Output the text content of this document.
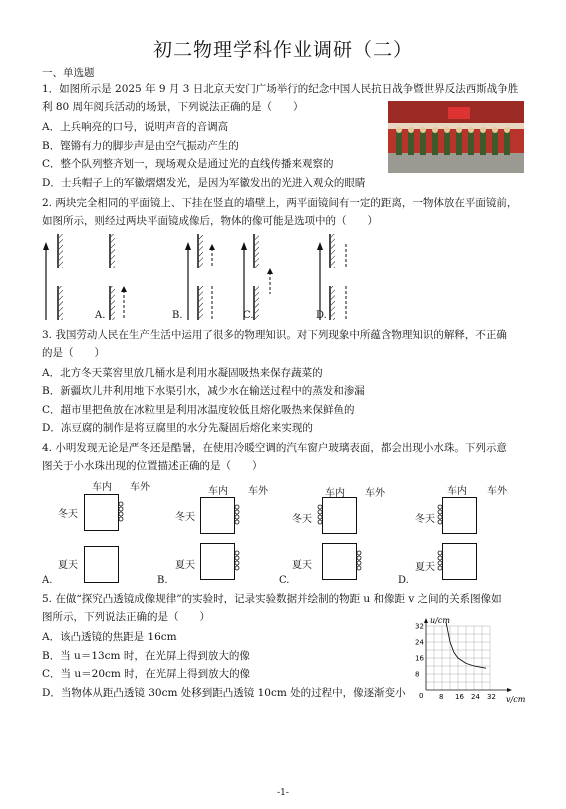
初二物理学科作业调研（二）
一、单选题
1．如图所示是 2025 年 9 月 3 日北京天安门广场举行的纪念中国人民抗日战争暨世界反法西斯战争胜
利 80 周年阅兵活动的场景，下列说法正确的是（　　）
A．上兵响亮的口号，说明声音的音调高
B．铿锵有力的脚步声是由空气振动产生的
C．整个队列整齐划一，现场观众是通过光的直线传播来观察的
D．士兵帽子上的军徽熠熠发光，是因为军徽发出的光进入观众的眼睛
2. 两块完全相同的平面镜上、下挂在竖直的墙壁上，两平面镜间有一定的距离，一物体放在平面镜前，
如图所示，则经过两块平面镜成像后，物体的像可能是选项中的（　　）
A.	B.	C.	D.
3. 我国劳动人民在生产生活中运用了很多的物理知识。对下列现象中所蕴含物理知识的解释，不正确
的是（　　）
A．北方冬天菜窖里放几桶水是利用水凝固吸热来保存蔬菜的
B．新疆坎儿井利用地下水渠引水，减少水在输送过程中的蒸发和渗漏
C．超市里把鱼放在冰粒里是利用冰温度较低且熔化吸热来保鲜鱼的
D．冻豆腐的制作是将豆腐里的水分先凝固后熔化来实现的
4. 小明发现无论是严冬还是酷暑，在使用冷暖空调的汽车窗户玻璃表面，都会出现小水珠。下列示意
图关于小水珠出现的位置描述正确的是（　　）
车内 车外
冬天
夏天
A.
车内 车外
冬天
夏天
B.
车内 车外
冬天
夏天
C.
车内 车外
冬天
夏天
D.
5. 在做“探究凸透镜成像规律”的实验时，记录实验数据并绘制的物距 u 和像距 v 之间的关系图像如
图所示，下列说法正确的是（　　）
A．该凸透镜的焦距是 16cm
B．当 u＝13cm 时，在光屏上得到放大的像
C．当 u＝20cm 时，在光屏上得到放大的像
D．当物体从距凸透镜 30cm 处移到距凸透镜 10cm 处的过程中，像逐渐变小
u/cm
v/cm
0 8 16 24 32
8
16
24
32
-1-
